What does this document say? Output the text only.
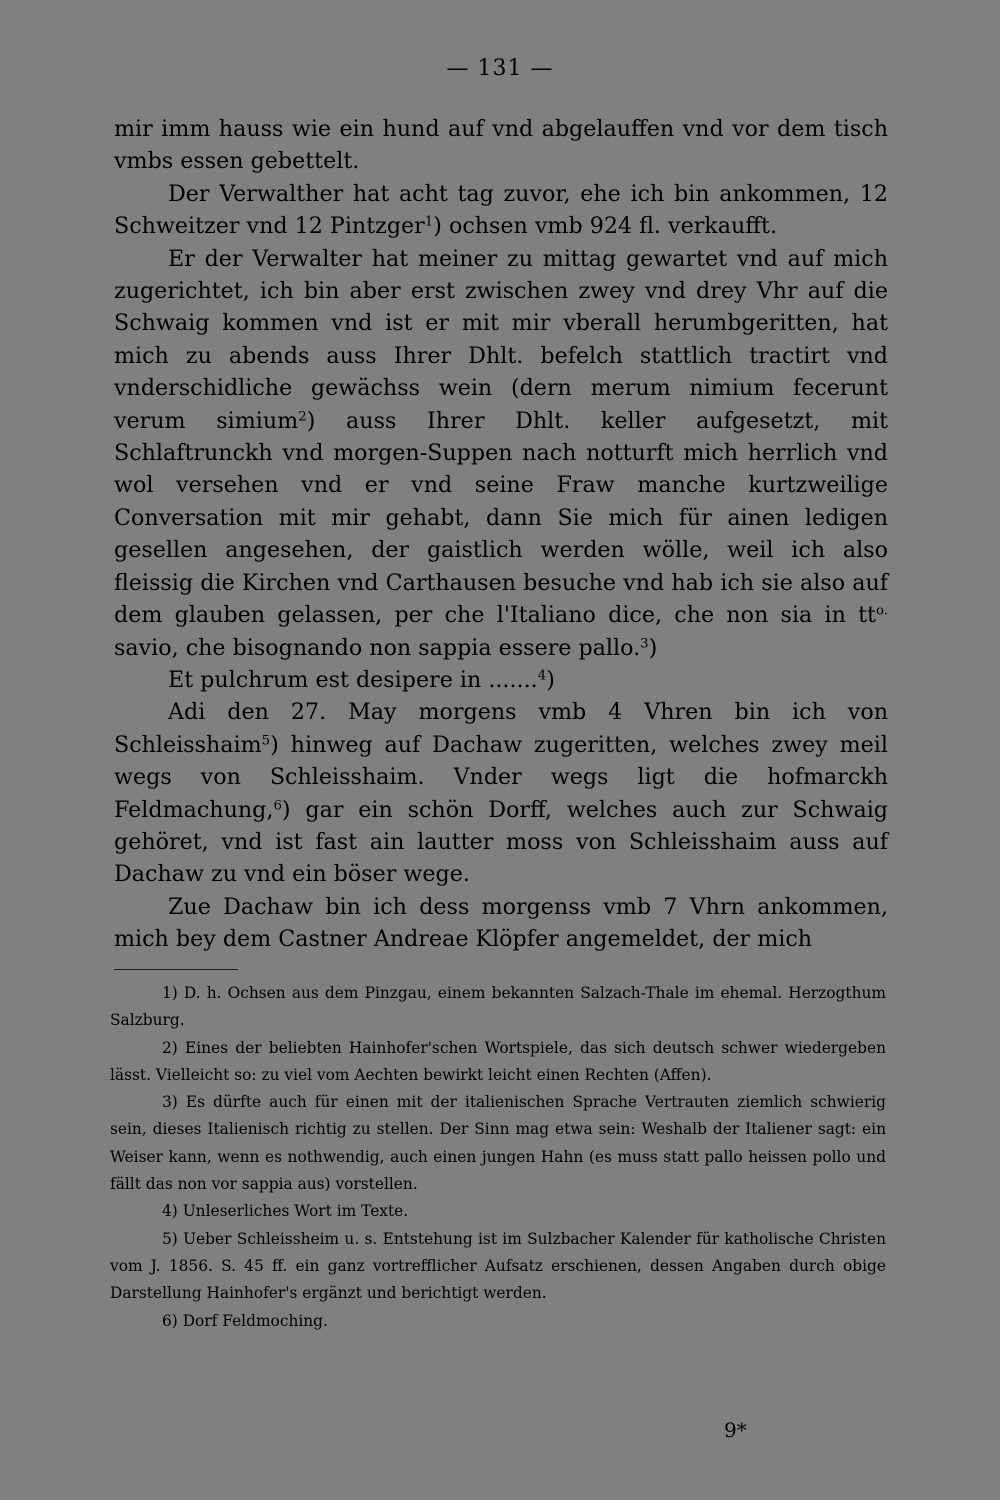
— 131 —

mir imm hauss wie ein hund auf vnd abgelauffen vnd vor dem tisch vmbs essen gebettelt.

Der Verwalther hat acht tag zuvor, ehe ich bin ankommen, 12 Schweitzer vnd 12 Pintzger$^1$) ochsen vmb 924 fl. verkaufft.

Er der Verwalter hat meiner zu mittag gewartet vnd auf mich zugerichtet, ich bin aber erst zwischen zwey vnd drey Vhr auf die Schwaig kommen vnd ist er mit mir vberall herumbgeritten, hat mich zu abends auss Ihrer Dhlt. befelch stattlich tractirt vnd vnderschidliche gewächss wein (dern merum nimium fecerunt verum simium$^2$) auss Ihrer Dhlt. keller aufgesetzt, mit Schlaftrunckh vnd morgen-Suppen nach notturft mich herrlich vnd wol versehen vnd er vnd seine Fraw manche kurtzweilige Conversation mit mir gehabt, dann Sie mich für ainen ledigen gesellen angesehen, der gaistlich werden wölle, weil ich also fleissig die Kirchen vnd Carthausen besuche vnd hab ich sie also auf dem glauben gelassen, per che l'Italiano dice, che non sia in $tt^{o.}$ savio, che bisognando non sappia essere pallo.$^3$)

Et pulchrum est desipere in .......$^4$)

Adi den 27. May morgens vmb 4 Vhren bin ich von Schleisshaim$^5$) hinweg auf Dachaw zugeritten, welches zwey meil wegs von Schleisshaim. Vnder wegs ligt die hofmarckh Feldmachung,$^6$) gar ein schön Dorff, welches auch zur Schwaig gehöret, vnd ist fast ain lautter moss von Schleisshaim auss auf Dachaw zu vnd ein böser wege.

Zue Dachaw bin ich dess morgenss vmb 7 Vhrn ankommen, mich bey dem Castner Andreae Klöpfer angemeldet, der mich

1) D. h. Ochsen aus dem Pinzgau, einem bekannten Salzach-Thale im ehemal. Herzogthum Salzburg.

2) Eines der beliebten Hainhofer'schen Wortspiele, das sich deutsch schwer wiedergeben lässt. Vielleicht so: zu viel vom Aechten bewirkt leicht einen Rechten (Affen).

3) Es dürfte auch für einen mit der italienischen Sprache Vertrauten ziemlich schwierig sein, dieses Italienisch richtig zu stellen. Der Sinn mag etwa sein: Weshalb der Italiener sagt: ein Weiser kann, wenn es nothwendig, auch einen jungen Hahn (es muss statt pallo heissen pollo und fällt das non vor sappia aus) vorstellen.

4) Unleserliches Wort im Texte.

5) Ueber Schleissheim u. s. Entstehung ist im Sulzbacher Kalender für katholische Christen vom J. 1856. S. 45 ff. ein ganz vortrefflicher Aufsatz erschienen, dessen Angaben durch obige Darstellung Hainhofer's ergänzt und berichtigt werden.

6) Dorf Feldmoching.

9*
